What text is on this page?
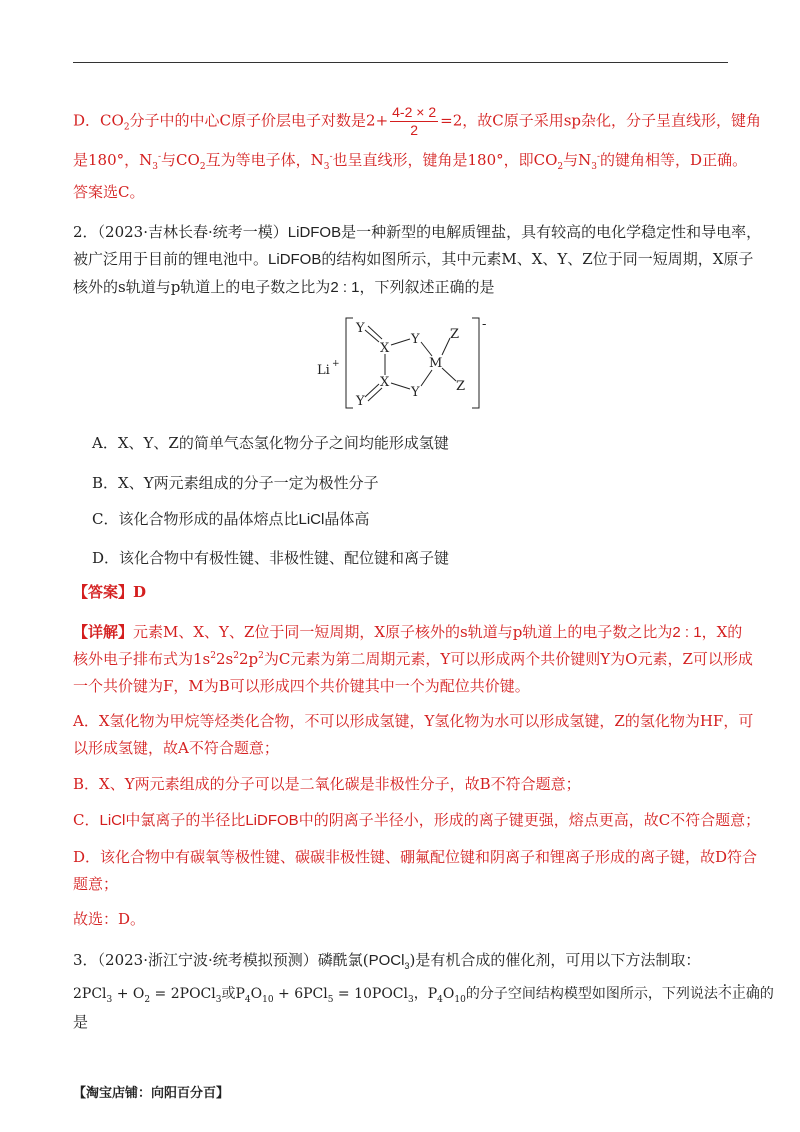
D．$CO_2$分子中的中心C原子价层电子对数是$2+ \frac{4-2 \times 2}{2} =2$，故C原子采用sp杂化，分子呈直线形，键角
是180°，$N_3^-$与$CO_2$互为等电子体，$N_3^-$也呈直线形，键角是180°，即$CO_2$与$N_3^-$的键角相等，D正确。
答案选C。
2．（2023·吉林长春·统考一模）LiDFOB是一种新型的电解质锂盐，具有较高的电化学稳定性和导电率，
被广泛用于目前的锂电池中。LiDFOB的结构如图所示，其中元素M、X、Y、Z位于同一短周期，X原子
核外的s轨道与p轨道上的电子数之比为2 : 1，下列叙述正确的是
Li +
-
Y
Y
X
Z
M
X
Y	Z
Y
A．X、Y、Z的简单气态氢化物分子之间均能形成氢键
B．X、Y两元素组成的分子一定为极性分子
C．该化合物形成的晶体熔点比LiCl晶体高
D．该化合物中有极性键、非极性键、配位键和离子键
【答案】D
【详解】元素M、X、Y、Z位于同一短周期，X原子核外的s轨道与p轨道上的电子数之比为2 : 1，X的
核外电子排布式为$1s^22s^22p^2$为C元素为第二周期元素，Y可以形成两个共价键则Y为O元素，Z可以形成
一个共价键为F，M为B可以形成四个共价键其中一个为配位共价键。
A．X氢化物为甲烷等烃类化合物，不可以形成氢键，Y氢化物为水可以形成氢键，Z的氢化物为HF，可
以形成氢键，故A不符合题意；
B．X、Y两元素组成的分子可以是二氧化碳是非极性分子，故B不符合题意；
C．LiCl中氯离子的半径比LiDFOB中的阴离子半径小，形成的离子键更强，熔点更高，故C不符合题意；
D．该化合物中有碳氧等极性键、碳碳非极性键、硼氟配位键和阴离子和锂离子形成的离子键，故D符合
题意；
故选：D。
3．（2023·浙江宁波·统考模拟预测）磷酰氯(POCl$_3$)是有机合成的催化剂，可用以下方法制取：
$2PCl_3 + O_2$ = 2POCl$_3$或$P_4O_{10} + 6PCl_5$ = 10POCl$_3$，$P_4O_{10}$的分子空间结构模型如图所示，下列说法不正确的
是
【淘宝店铺：向阳百分百】
